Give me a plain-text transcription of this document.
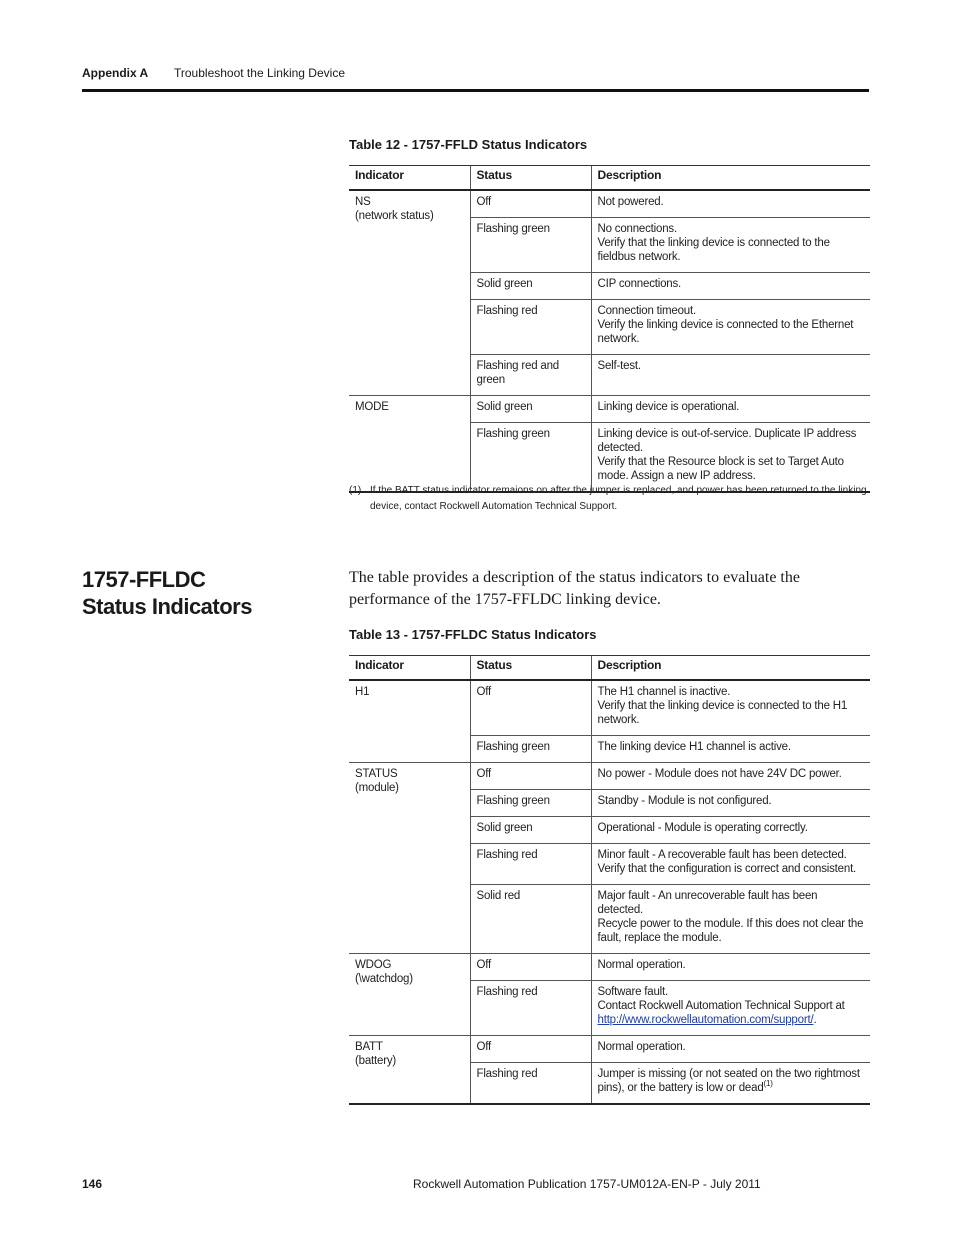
Appendix A Troubleshoot the Linking Device
Table 12 - 1757-FFLD Status Indicators
Indicator	Status	Description

NS
(network status)	Off	Not powered.

	Flashing green	No connections.
Verify that the linking device is connected to the fieldbus network.

	Solid green	CIP connections.

	Flashing red	Connection timeout.
Verify the linking device is connected to the Ethernet network.

	Flashing red and green	Self-test.

MODE	Solid green	Linking device is operational.

	Flashing green	Linking device is out-of-service. Duplicate IP address detected.
Verify that the Resource block is set to Target Auto mode. Assign a new IP address.
(1) If the BATT status indicator remaions on after the jumper is replaced, and power has been returned to the linking device, contact Rockwell Automation Technical Support.
1757-FFLDC
Status Indicators
The table provides a description of the status indicators to evaluate the performance of the 1757-FFLDC linking device.
Table 13 - 1757-FFLDC Status Indicators
Indicator	Status	Description

H1	Off	The H1 channel is inactive.
Verify that the linking device is connected to the H1 network.

	Flashing green	The linking device H1 channel is active.

STATUS
(module)	Off	No power - Module does not have 24V DC power.

	Flashing green	Standby - Module is not configured.

	Solid green	Operational - Module is operating correctly.

	Flashing red	Minor fault - A recoverable fault has been detected.
Verify that the configuration is correct and consistent.

	Solid red	Major fault - An unrecoverable fault has been detected.
Recycle power to the module. If this does not clear the fault, replace the module.

WDOG
(\watchdog)	Off	Normal operation.

	Flashing red	Software fault.
Contact Rockwell Automation Technical Support at
http://www.rockwellautomation.com/support/.

BATT
(battery)	Off	Normal operation.

	Flashing red	Jumper is missing (or not seated on the two rightmost pins), or the battery is low or dead$^{(1)}$
146	Rockwell Automation Publication 1757-UM012A-EN-P - July 2011
